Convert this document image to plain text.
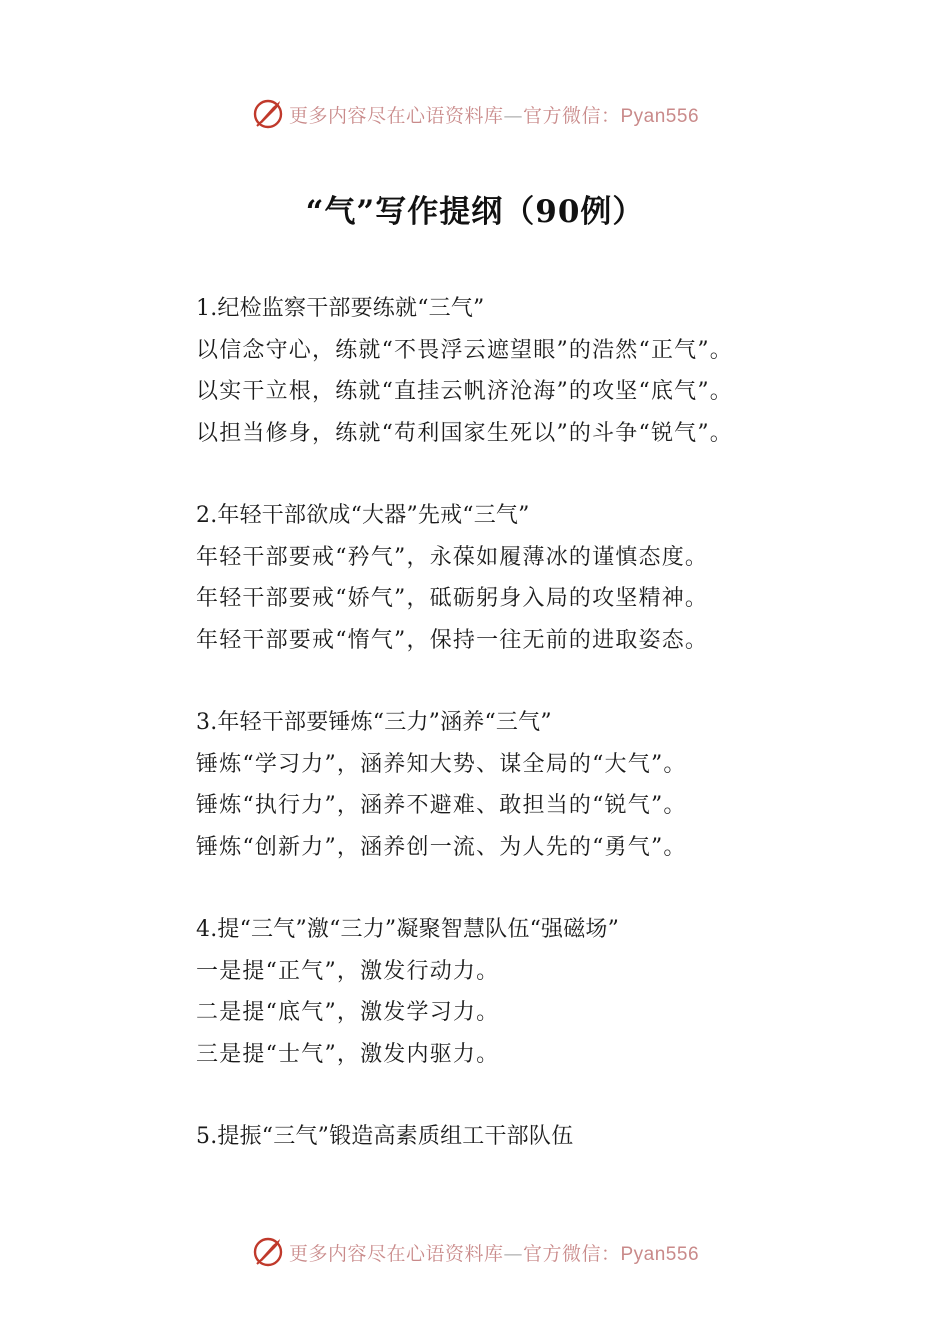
更多内容尽在心语资料库—官方微信：Pyan556
“气”写作提纲（90例）

1.纪检监察干部要练就“三气”

以信念守心，练就“不畏浮云遮望眼”的浩然“正气”。

以实干立根，练就“直挂云帆济沧海”的攻坚“底气”。

以担当修身，练就“苟利国家生死以”的斗争“锐气”。

2.年轻干部欲成“大器”先戒“三气”

年轻干部要戒“矜气”，永葆如履薄冰的谨慎态度。

年轻干部要戒“娇气”，砥砺躬身入局的攻坚精神。

年轻干部要戒“惰气”，保持一往无前的进取姿态。

3.年轻干部要锤炼“三力”涵养“三气”

锤炼“学习力”，涵养知大势、谋全局的“大气”。

锤炼“执行力”，涵养不避难、敢担当的“锐气”。

锤炼“创新力”，涵养创一流、为人先的“勇气”。

4.提“三气”激“三力”凝聚智慧队伍“强磁场”

一是提“正气”，激发行动力。

二是提“底气”，激发学习力。

三是提“士气”，激发内驱力。

5.提振“三气”锻造高素质组工干部队伍

更多内容尽在心语资料库—官方微信：Pyan556
